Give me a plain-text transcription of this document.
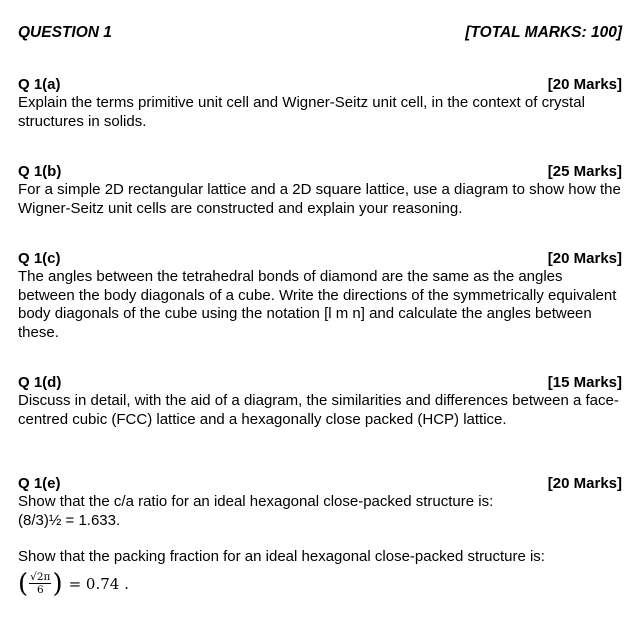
QUESTION 1	[TOTAL MARKS: 100]
Q 1(a)	[20 Marks]

Explain the terms primitive unit cell and Wigner-Seitz unit cell, in the context of crystal structures in solids.

Q 1(b)	[25 Marks]

For a simple 2D rectangular lattice and a 2D square lattice, use a diagram to show how the Wigner-Seitz unit cells are constructed and explain your reasoning.

Q 1(c)	[20 Marks]

The angles between the tetrahedral bonds of diamond are the same as the angles between the body diagonals of a cube. Write the directions of the symmetrically equivalent body diagonals of the cube using the notation [l m n] and calculate the angles between these.

Q 1(d)	[15 Marks]

Discuss in detail, with the aid of a diagram, the similarities and differences between a face-centred cubic (FCC) lattice and a hexagonally close packed (HCP) lattice.

Q 1(e)	[20 Marks]

Show that the c/a ratio for an ideal hexagonal close-packed structure is:

(8/3)½ = 1.633.

Show that the packing fraction for an ideal hexagonal close-packed structure is:

( $\frac{√2\pi}{6}$ ) = 0.74 .
